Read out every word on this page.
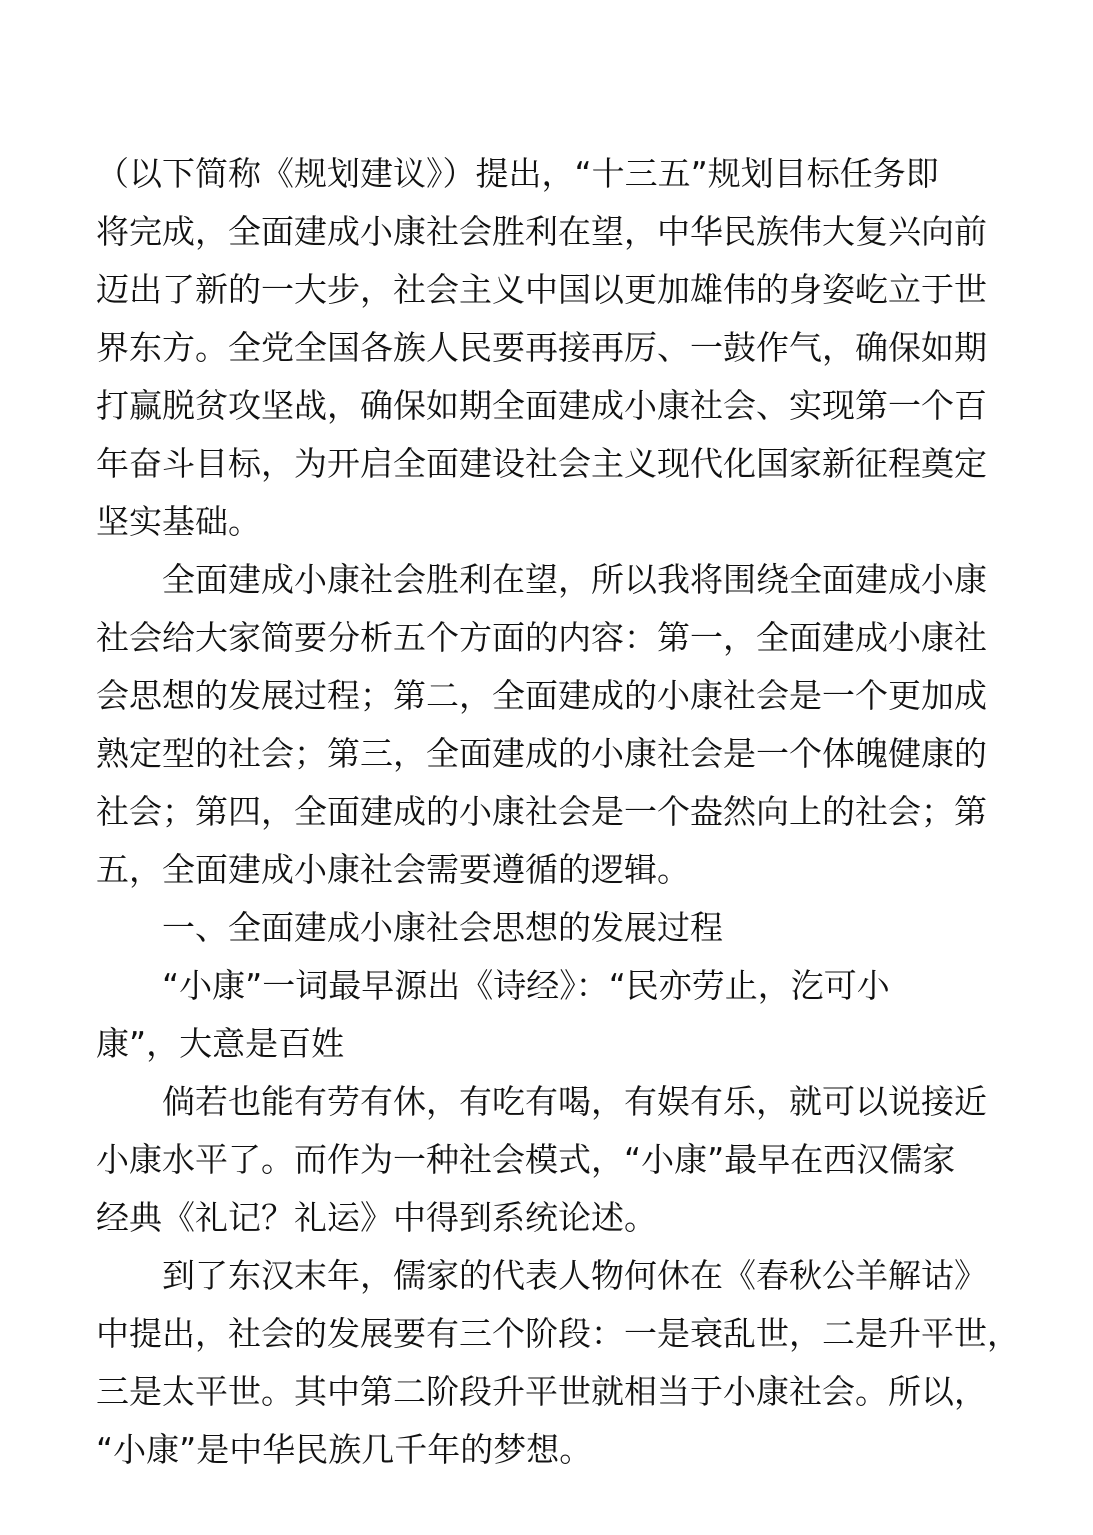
（以下简称《规划建议》）提出，“十三五”规划目标任务即
将完成，全面建成小康社会胜利在望，中华民族伟大复兴向前
迈出了新的一大步，社会主义中国以更加雄伟的身姿屹立于世
界东方。全党全国各族人民要再接再厉、一鼓作气，确保如期
打赢脱贫攻坚战，确保如期全面建成小康社会、实现第一个百
年奋斗目标，为开启全面建设社会主义现代化国家新征程奠定
坚实基础。

全面建成小康社会胜利在望，所以我将围绕全面建成小康
社会给大家简要分析五个方面的内容：第一，全面建成小康社
会思想的发展过程；第二，全面建成的小康社会是一个更加成
熟定型的社会；第三，全面建成的小康社会是一个体魄健康的
社会；第四，全面建成的小康社会是一个盎然向上的社会；第
五，全面建成小康社会需要遵循的逻辑。

一、全面建成小康社会思想的发展过程

“小康”一词最早源出《诗经》：“民亦劳止，汔可小
康”，大意是百姓

倘若也能有劳有休，有吃有喝，有娱有乐，就可以说接近
小康水平了。而作为一种社会模式，“小康”最早在西汉儒家
经典《礼记？礼运》中得到系统论述。

到了东汉末年，儒家的代表人物何休在《春秋公羊解诂》
中提出，社会的发展要有三个阶段：一是衰乱世，二是升平世，
三是太平世。其中第二阶段升平世就相当于小康社会。所以，
“小康”是中华民族几千年的梦想。
